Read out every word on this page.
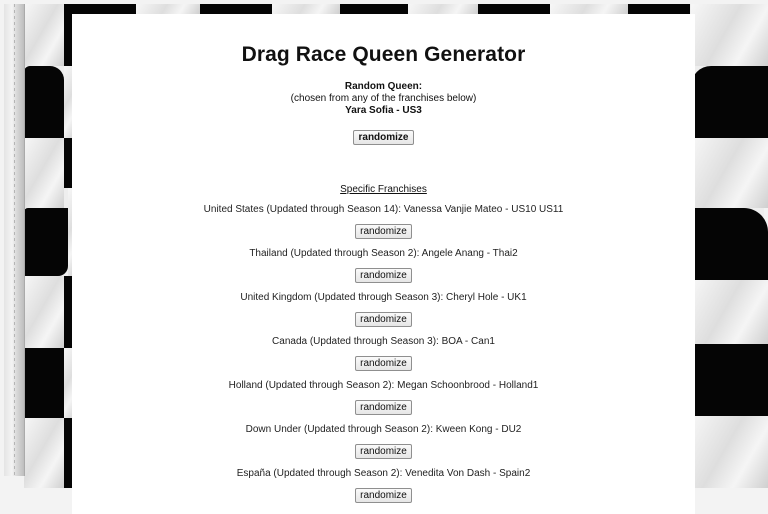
Drag Race Queen Generator
Random Queen:
(chosen from any of the franchises below)
Yara Sofia - US3
randomize
Specific Franchises
United States (Updated through Season 14): Vanessa Vanjie Mateo - US10 US11
randomize
Thailand (Updated through Season 2): Angele Anang - Thai2
randomize
United Kingdom (Updated through Season 3): Cheryl Hole - UK1
randomize
Canada (Updated through Season 3): BOA - Can1
randomize
Holland (Updated through Season 2): Megan Schoonbrood - Holland1
randomize
Down Under (Updated through Season 2): Kween Kong - DU2
randomize
España (Updated through Season 2): Venedita Von Dash - Spain2
randomize
